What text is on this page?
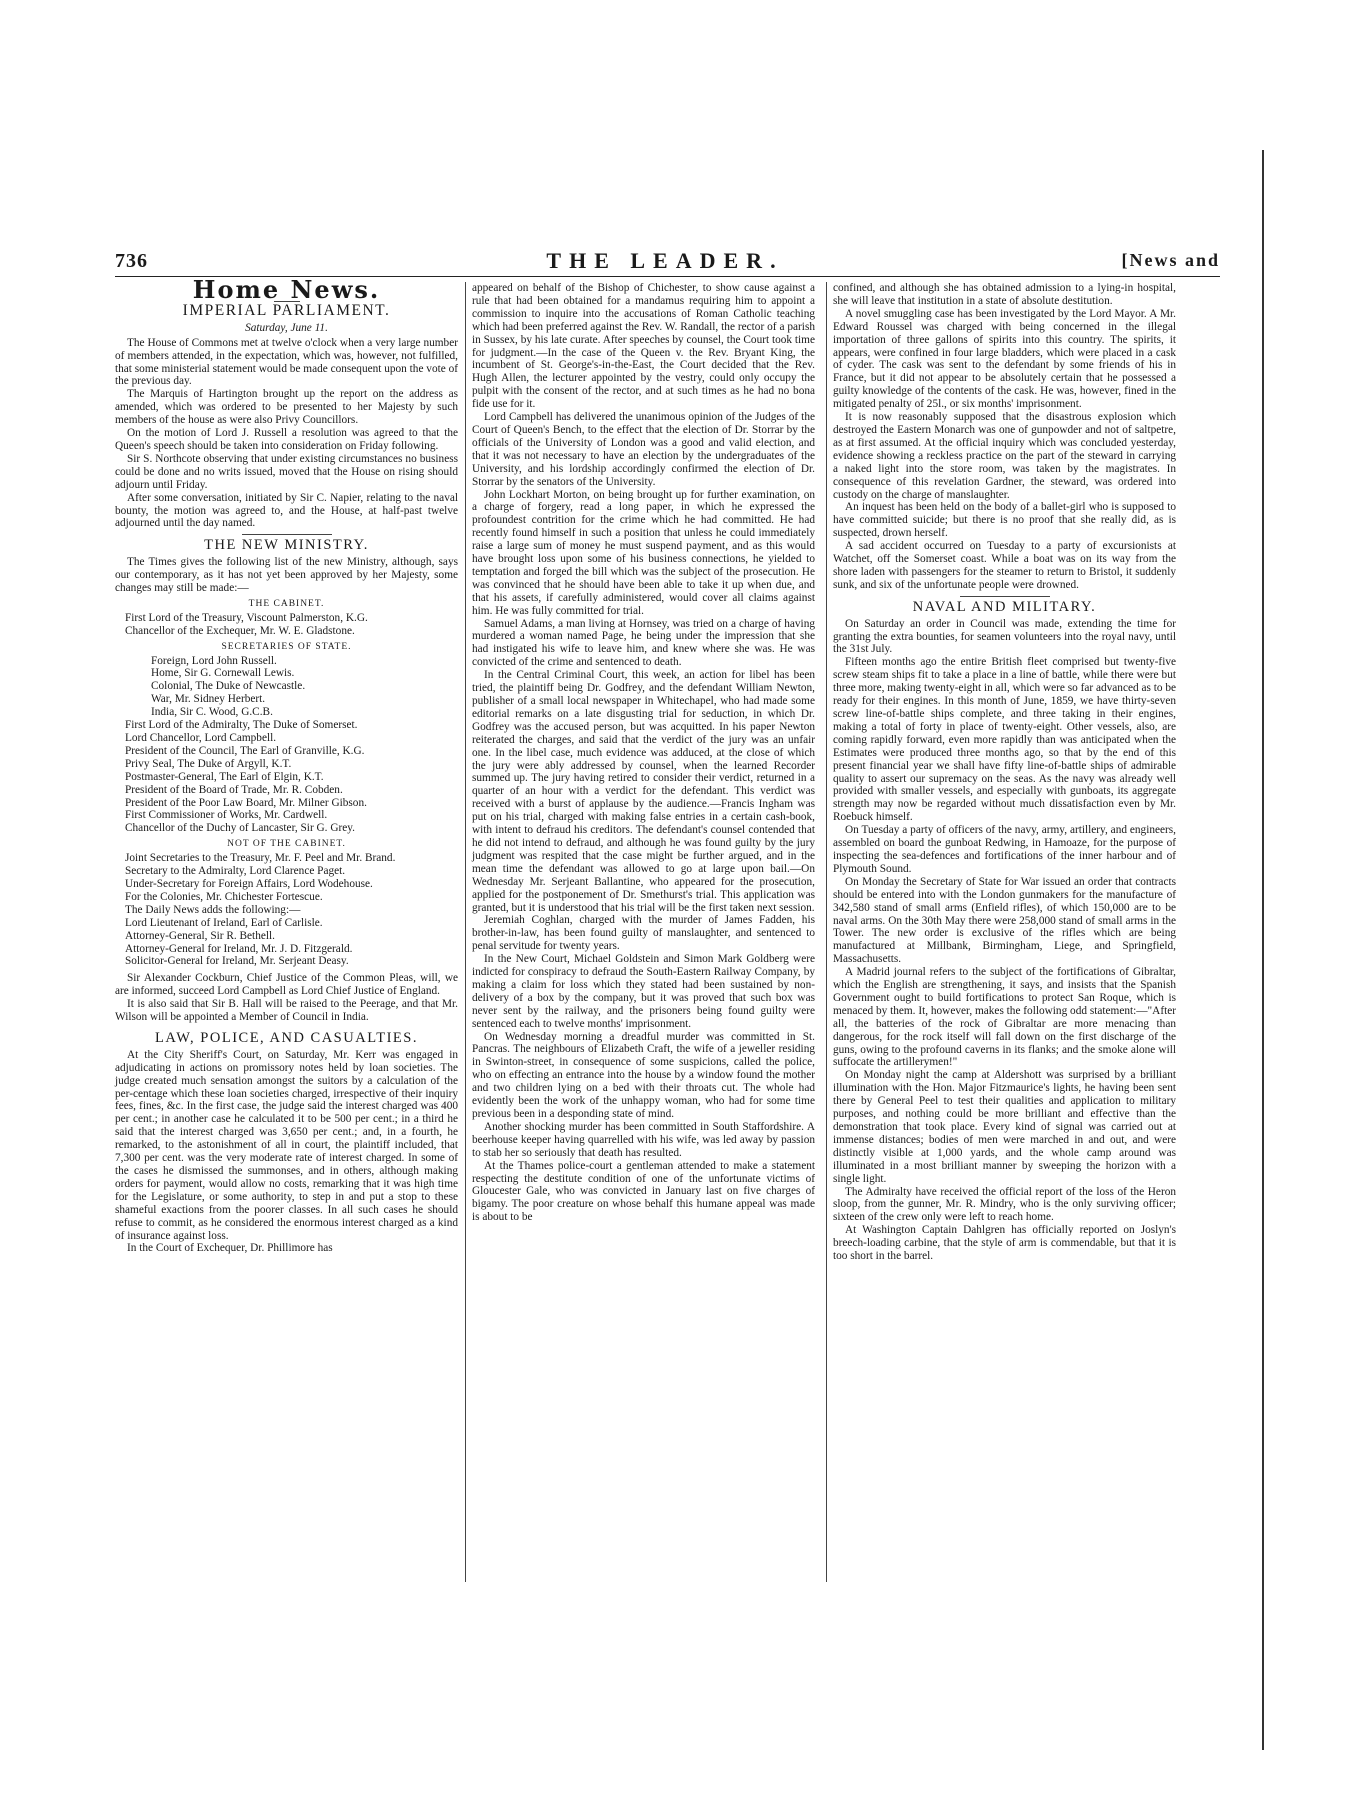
736	THE LEADER.	[News and
Home News.
IMPERIAL PARLIAMENT.
Saturday, June 11.

The House of Commons met at twelve o'clock when a very large number of members attended, in the expectation, which was, however, not fulfilled, that some ministerial statement would be made consequent upon the vote of the previous day.

The Marquis of Hartington brought up the report on the address as amended, which was ordered to be presented to her Majesty by such members of the house as were also Privy Councillors.

On the motion of Lord J. Russell a resolution was agreed to that the Queen's speech should be taken into consideration on Friday following.

Sir S. Northcote observing that under existing circumstances no business could be done and no writs issued, moved that the House on rising should adjourn until Friday.

After some conversation, initiated by Sir C. Napier, relating to the naval bounty, the motion was agreed to, and the House, at half-past twelve adjourned until the day named.

THE NEW MINISTRY.

The Times gives the following list of the new Ministry, although, says our contemporary, as it has not yet been approved by her Majesty, some changes may still be made:—

THE CABINET.

First Lord of the Treasury, Viscount Palmerston, K.G.

Chancellor of the Exchequer, Mr. W. E. Gladstone.

SECRETARIES OF STATE.

Foreign, Lord John Russell.

Home, Sir G. Cornewall Lewis.

Colonial, The Duke of Newcastle.

War, Mr. Sidney Herbert.

India, Sir C. Wood, G.C.B.

First Lord of the Admiralty, The Duke of Somerset.

Lord Chancellor, Lord Campbell.

President of the Council, The Earl of Granville, K.G.

Privy Seal, The Duke of Argyll, K.T.

Postmaster-General, The Earl of Elgin, K.T.

President of the Board of Trade, Mr. R. Cobden.

President of the Poor Law Board, Mr. Milner Gibson.

First Commissioner of Works, Mr. Cardwell.

Chancellor of the Duchy of Lancaster, Sir G. Grey.

NOT OF THE CABINET.

Joint Secretaries to the Treasury, Mr. F. Peel and Mr. Brand.

Secretary to the Admiralty, Lord Clarence Paget.

Under-Secretary for Foreign Affairs, Lord Wodehouse.

For the Colonies, Mr. Chichester Fortescue.

The Daily News adds the following:—

Lord Lieutenant of Ireland, Earl of Carlisle.

Attorney-General, Sir R. Bethell.

Attorney-General for Ireland, Mr. J. D. Fitzgerald.

Solicitor-General for Ireland, Mr. Serjeant Deasy.

Sir Alexander Cockburn, Chief Justice of the Common Pleas, will, we are informed, succeed Lord Campbell as Lord Chief Justice of England.

It is also said that Sir B. Hall will be raised to the Peerage, and that Mr. Wilson will be appointed a Member of Council in India.

LAW, POLICE, AND CASUALTIES.

At the City Sheriff's Court, on Saturday, Mr. Kerr was engaged in adjudicating in actions on promissory notes held by loan societies. The judge created much sensation amongst the suitors by a calculation of the per-centage which these loan societies charged, irrespective of their inquiry fees, fines, &c. In the first case, the judge said the interest charged was 400 per cent.; in another case he calculated it to be 500 per cent.; in a third he said that the interest charged was 3,650 per cent.; and, in a fourth, he remarked, to the astonishment of all in court, the plaintiff included, that 7,300 per cent. was the very moderate rate of interest charged. In some of the cases he dismissed the summonses, and in others, although making orders for payment, would allow no costs, remarking that it was high time for the Legislature, or some authority, to step in and put a stop to these shameful exactions from the poorer classes. In all such cases he should refuse to commit, as he considered the enormous interest charged as a kind of insurance against loss.

In the Court of Exchequer, Dr. Phillimore has

appeared on behalf of the Bishop of Chichester, to show cause against a rule that had been obtained for a mandamus requiring him to appoint a commission to inquire into the accusations of Roman Catholic teaching which had been preferred against the Rev. W. Randall, the rector of a parish in Sussex, by his late curate. After speeches by counsel, the Court took time for judgment.—In the case of the Queen v. the Rev. Bryant King, the incumbent of St. George's-in-the-East, the Court decided that the Rev. Hugh Allen, the lecturer appointed by the vestry, could only occupy the pulpit with the consent of the rector, and at such times as he had no bona fide use for it.

Lord Campbell has delivered the unanimous opinion of the Judges of the Court of Queen's Bench, to the effect that the election of Dr. Storrar by the officials of the University of London was a good and valid election, and that it was not necessary to have an election by the undergraduates of the University, and his lordship accordingly confirmed the election of Dr. Storrar by the senators of the University.

John Lockhart Morton, on being brought up for further examination, on a charge of forgery, read a long paper, in which he expressed the profoundest contrition for the crime which he had committed. He had recently found himself in such a position that unless he could immediately raise a large sum of money he must suspend payment, and as this would have brought loss upon some of his business connections, he yielded to temptation and forged the bill which was the subject of the prosecution. He was convinced that he should have been able to take it up when due, and that his assets, if carefully administered, would cover all claims against him. He was fully committed for trial.

Samuel Adams, a man living at Hornsey, was tried on a charge of having murdered a woman named Page, he being under the impression that she had instigated his wife to leave him, and knew where she was. He was convicted of the crime and sentenced to death.

In the Central Criminal Court, this week, an action for libel has been tried, the plaintiff being Dr. Godfrey, and the defendant William Newton, publisher of a small local newspaper in Whitechapel, who had made some editorial remarks on a late disgusting trial for seduction, in which Dr. Godfrey was the accused person, but was acquitted. In his paper Newton reiterated the charges, and said that the verdict of the jury was an unfair one. In the libel case, much evidence was adduced, at the close of which the jury were ably addressed by counsel, when the learned Recorder summed up. The jury having retired to consider their verdict, returned in a quarter of an hour with a verdict for the defendant. This verdict was received with a burst of applause by the audience.—Francis Ingham was put on his trial, charged with making false entries in a certain cash-book, with intent to defraud his creditors. The defendant's counsel contended that he did not intend to defraud, and although he was found guilty by the jury judgment was respited that the case might be further argued, and in the mean time the defendant was allowed to go at large upon bail.—On Wednesday Mr. Serjeant Ballantine, who appeared for the prosecution, applied for the postponement of Dr. Smethurst's trial. This application was granted, but it is understood that his trial will be the first taken next session.

Jeremiah Coghlan, charged with the murder of James Fadden, his brother-in-law, has been found guilty of manslaughter, and sentenced to penal servitude for twenty years.

In the New Court, Michael Goldstein and Simon Mark Goldberg were indicted for conspiracy to defraud the South-Eastern Railway Company, by making a claim for loss which they stated had been sustained by non-delivery of a box by the company, but it was proved that such box was never sent by the railway, and the prisoners being found guilty were sentenced each to twelve months' imprisonment.

On Wednesday morning a dreadful murder was committed in St. Pancras. The neighbours of Elizabeth Craft, the wife of a jeweller residing in Swinton-street, in consequence of some suspicions, called the police, who on effecting an entrance into the house by a window found the mother and two children lying on a bed with their throats cut. The whole had evidently been the work of the unhappy woman, who had for some time previous been in a desponding state of mind.

Another shocking murder has been committed in South Staffordshire. A beerhouse keeper having quarrelled with his wife, was led away by passion to stab her so seriously that death has resulted.

At the Thames police-court a gentleman attended to make a statement respecting the destitute condition of one of the unfortunate victims of Gloucester Gale, who was convicted in January last on five charges of bigamy. The poor creature on whose behalf this humane appeal was made is about to be

confined, and although she has obtained admission to a lying-in hospital, she will leave that institution in a state of absolute destitution.

A novel smuggling case has been investigated by the Lord Mayor. A Mr. Edward Roussel was charged with being concerned in the illegal importation of three gallons of spirits into this country. The spirits, it appears, were confined in four large bladders, which were placed in a cask of cyder. The cask was sent to the defendant by some friends of his in France, but it did not appear to be absolutely certain that he possessed a guilty knowledge of the contents of the cask. He was, however, fined in the mitigated penalty of 25l., or six months' imprisonment.

It is now reasonably supposed that the disastrous explosion which destroyed the Eastern Monarch was one of gunpowder and not of saltpetre, as at first assumed. At the official inquiry which was concluded yesterday, evidence showing a reckless practice on the part of the steward in carrying a naked light into the store room, was taken by the magistrates. In consequence of this revelation Gardner, the steward, was ordered into custody on the charge of manslaughter.

An inquest has been held on the body of a ballet-girl who is supposed to have committed suicide; but there is no proof that she really did, as is suspected, drown herself.

A sad accident occurred on Tuesday to a party of excursionists at Watchet, off the Somerset coast. While a boat was on its way from the shore laden with passengers for the steamer to return to Bristol, it suddenly sunk, and six of the unfortunate people were drowned.

NAVAL AND MILITARY.

On Saturday an order in Council was made, extending the time for granting the extra bounties, for seamen volunteers into the royal navy, until the 31st July.

Fifteen months ago the entire British fleet comprised but twenty-five screw steam ships fit to take a place in a line of battle, while there were but three more, making twenty-eight in all, which were so far advanced as to be ready for their engines. In this month of June, 1859, we have thirty-seven screw line-of-battle ships complete, and three taking in their engines, making a total of forty in place of twenty-eight. Other vessels, also, are coming rapidly forward, even more rapidly than was anticipated when the Estimates were produced three months ago, so that by the end of this present financial year we shall have fifty line-of-battle ships of admirable quality to assert our supremacy on the seas. As the navy was already well provided with smaller vessels, and especially with gunboats, its aggregate strength may now be regarded without much dissatisfaction even by Mr. Roebuck himself.

On Tuesday a party of officers of the navy, army, artillery, and engineers, assembled on board the gunboat Redwing, in Hamoaze, for the purpose of inspecting the sea-defences and fortifications of the inner harbour and of Plymouth Sound.

On Monday the Secretary of State for War issued an order that contracts should be entered into with the London gunmakers for the manufacture of 342,580 stand of small arms (Enfield rifles), of which 150,000 are to be naval arms. On the 30th May there were 258,000 stand of small arms in the Tower. The new order is exclusive of the rifles which are being manufactured at Millbank, Birmingham, Liege, and Springfield, Massachusetts.

A Madrid journal refers to the subject of the fortifications of Gibraltar, which the English are strengthening, it says, and insists that the Spanish Government ought to build fortifications to protect San Roque, which is menaced by them. It, however, makes the following odd statement:—"After all, the batteries of the rock of Gibraltar are more menacing than dangerous, for the rock itself will fall down on the first discharge of the guns, owing to the profound caverns in its flanks; and the smoke alone will suffocate the artillerymen!"

On Monday night the camp at Aldershott was surprised by a brilliant illumination with the Hon. Major Fitzmaurice's lights, he having been sent there by General Peel to test their qualities and application to military purposes, and nothing could be more brilliant and effective than the demonstration that took place. Every kind of signal was carried out at immense distances; bodies of men were marched in and out, and were distinctly visible at 1,000 yards, and the whole camp around was illuminated in a most brilliant manner by sweeping the horizon with a single light.

The Admiralty have received the official report of the loss of the Heron sloop, from the gunner, Mr. R. Mindry, who is the only surviving officer; sixteen of the crew only were left to reach home.

At Washington Captain Dahlgren has officially reported on Joslyn's breech-loading carbine, that the style of arm is commendable, but that it is too short in the barrel.
